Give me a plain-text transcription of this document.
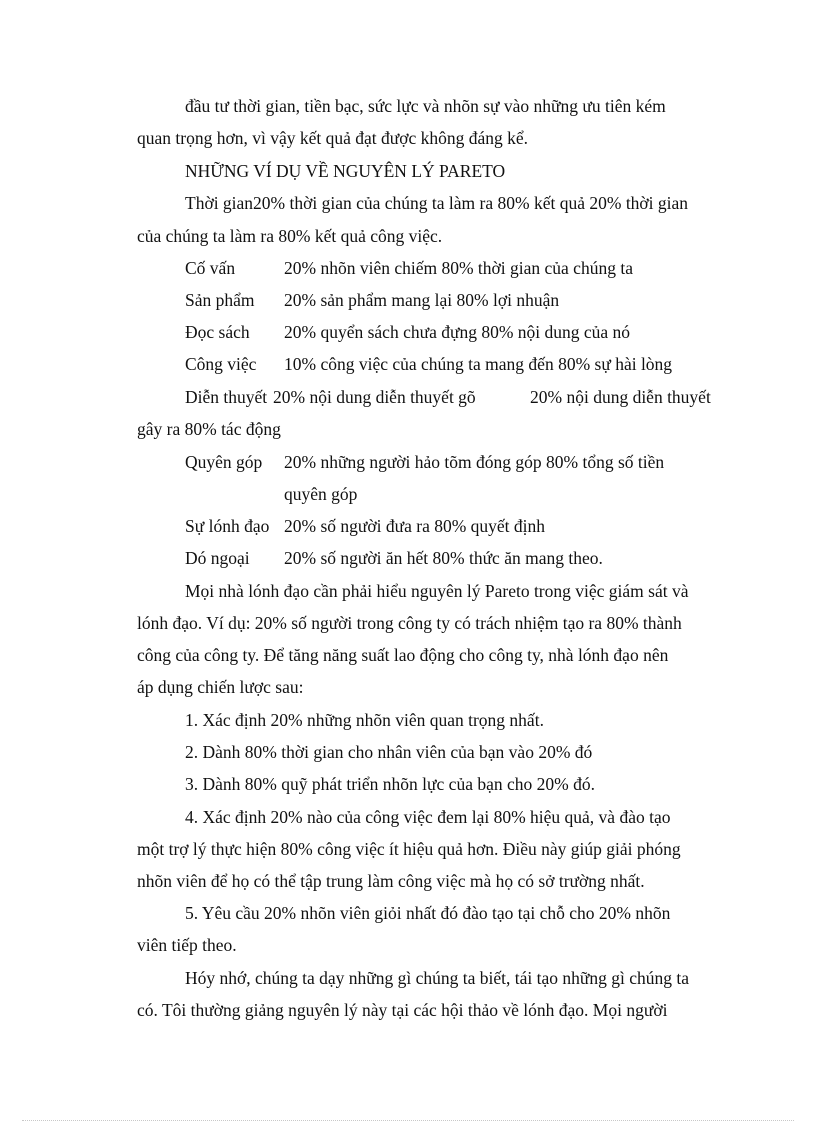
đầu tư thời gian, tiền bạc, sức lực và nhõn sự vào những ưu tiên kém
quan trọng hơn, vì vậy kết quả đạt được không đáng kể.
NHỮNG VÍ DỤ VỀ NGUYÊN LÝ PARETO
Thời gian20% thời gian của chúng ta làm ra 80% kết quả 20% thời gian
của chúng ta làm ra 80% kết quả công việc.
Cố vấn	20% nhõn viên chiếm 80% thời gian của chúng ta
Sản phẩm 20% sản phẩm mang lại 80% lợi nhuận
Đọc sách 20% quyển sách chưa đựng 80% nội dung của nó
Công việc 10% công việc của chúng ta mang đến 80% sự hài lòng
Diễn thuyết 20% nội dung diễn thuyết gõ	20% nội dung diễn thuyết
gây ra 80% tác động
Quyên góp 20% những người hảo tõm đóng góp 80% tổng số tiền
quyên góp
Sự lónh đạo 20% số người đưa ra 80% quyết định
Dó ngoại 20% số người ăn hết 80% thức ăn mang theo.
Mọi nhà lónh đạo cần phải hiểu nguyên lý Pareto trong việc giám sát và
lónh đạo. Ví dụ: 20% số người trong công ty có trách nhiệm tạo ra 80% thành
công của công ty. Để tăng năng suất lao động cho công ty, nhà lónh đạo nên
áp dụng chiến lược sau:
1. Xác định 20% những nhõn viên quan trọng nhất.
2. Dành 80% thời gian cho nhân viên của bạn vào 20% đó
3. Dành 80% quỹ phát triển nhõn lực của bạn cho 20% đó.
4. Xác định 20% nào của công việc đem lại 80% hiệu quả, và đào tạo
một trợ lý thực hiện 80% công việc ít hiệu quả hơn. Điều này giúp giải phóng
nhõn viên để họ có thể tập trung làm công việc mà họ có sở trường nhất.
5. Yêu cầu 20% nhõn viên giỏi nhất đó đào tạo tại chỗ cho 20% nhõn
viên tiếp theo.
Hóy nhớ, chúng ta dạy những gì chúng ta biết, tái tạo những gì chúng ta
có. Tôi thường giảng nguyên lý này tại các hội thảo về lónh đạo. Mọi người
